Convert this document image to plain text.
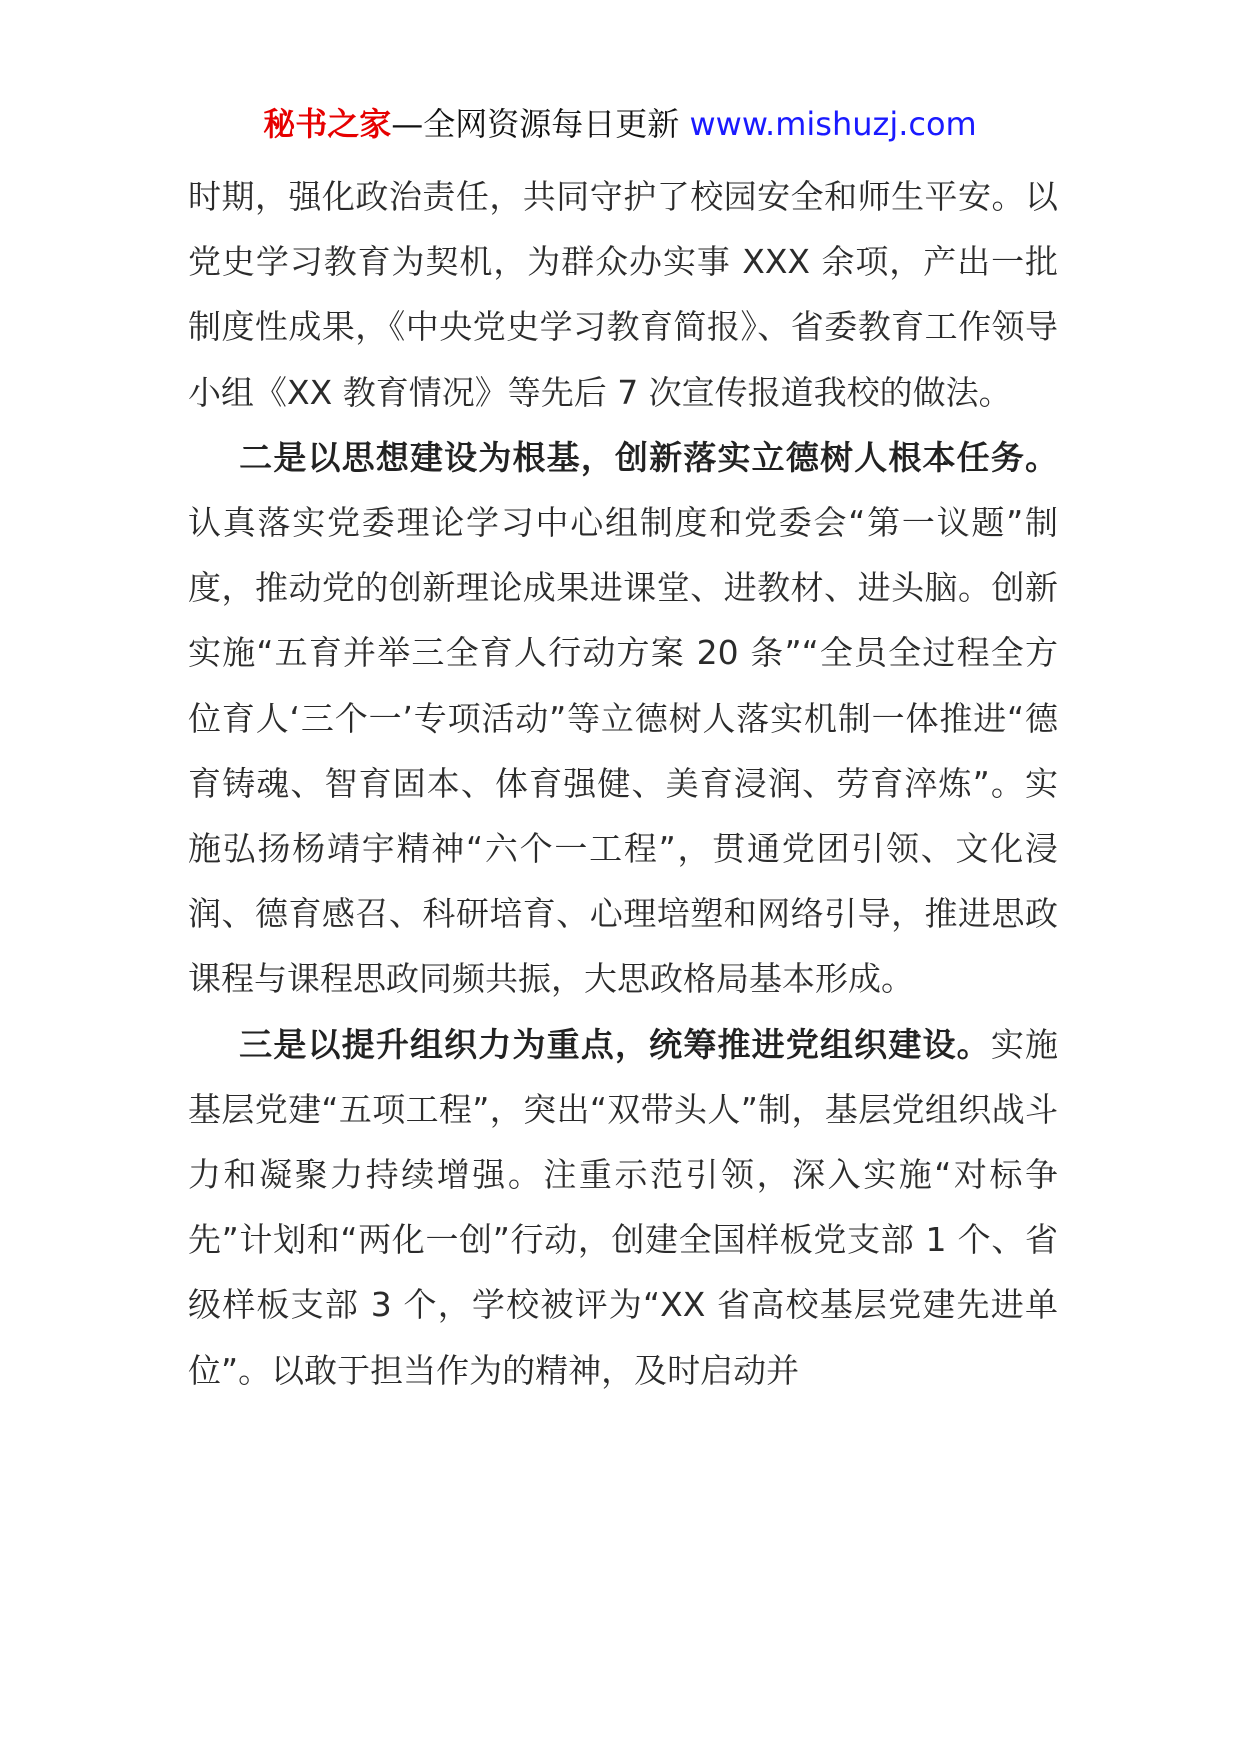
秘书之家—全网资源每日更新 www.mishuzj.com

时期，强化政治责任，共同守护了校园安全和师生平安。以党史学习教育为契机，为群众办实事 XXX 余项，产出一批制度性成果，《中央党史学习教育简报》、省委教育工作领导小组《XX 教育情况》等先后 7 次宣传报道我校的做法。

二是以思想建设为根基，创新落实立德树人根本任务。认真落实党委理论学习中心组制度和党委会“第一议题”制度，推动党的创新理论成果进课堂、进教材、进头脑。创新实施“五育并举三全育人行动方案 20 条”“全员全过程全方位育人‘三个一’专项活动”等立德树人落实机制一体推进“德育铸魂、智育固本、体育强健、美育浸润、劳育淬炼”。实施弘扬杨靖宇精神“六个一工程”，贯通党团引领、文化浸润、德育感召、科研培育、心理培塑和网络引导，推进思政课程与课程思政同频共振，大思政格局基本形成。

三是以提升组织力为重点，统筹推进党组织建设。实施基层党建“五项工程”，突出“双带头人”制，基层党组织战斗力和凝聚力持续增强。注重示范引领，深入实施“对标争先”计划和“两化一创”行动，创建全国样板党支部 1 个、省级样板支部 3 个，学校被评为“XX 省高校基层党建先进单位”。以敢于担当作为的精神，及时启动并
